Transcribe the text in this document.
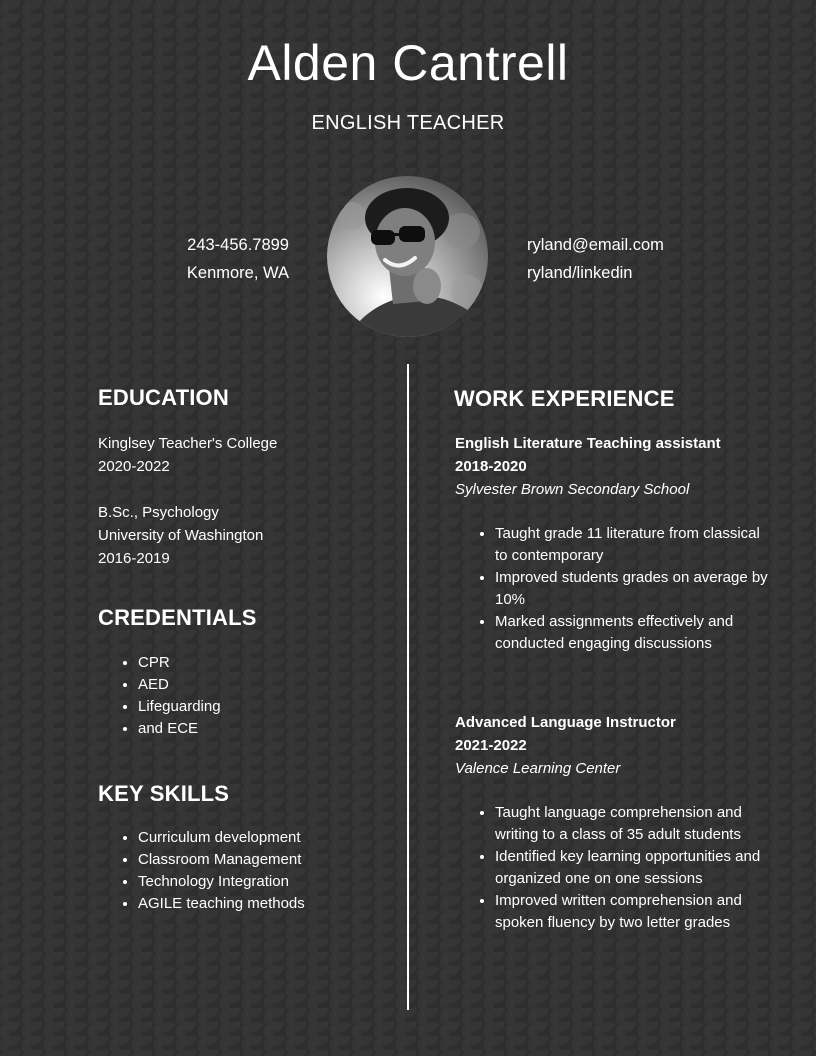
Alden Cantrell
ENGLISH TEACHER
243-456.7899
Kenmore, WA
ryland@email.com
ryland/linkedin
EDUCATION
Kinglsey Teacher's College
2020-2022
B.Sc., Psychology
University of Washington
2016-2019
CREDENTIALS
• CPR
• AED
• Lifeguarding
• and ECE
KEY SKILLS
• Curriculum development
• Classroom Management
• Technology Integration
• AGILE teaching methods
WORK EXPERIENCE
English Literature Teaching assistant
2018-2020
Sylvester Brown Secondary School
• Taught grade 11 literature from classical to contemporary
• Improved students grades on average by 10%
• Marked assignments effectively and conducted engaging discussions
Advanced Language Instructor
2021-2022
Valence Learning Center
• Taught language comprehension and writing to a class of 35 adult students
• Identified key learning opportunities and organized one on one sessions
• Improved written comprehension and spoken fluency by two letter grades
